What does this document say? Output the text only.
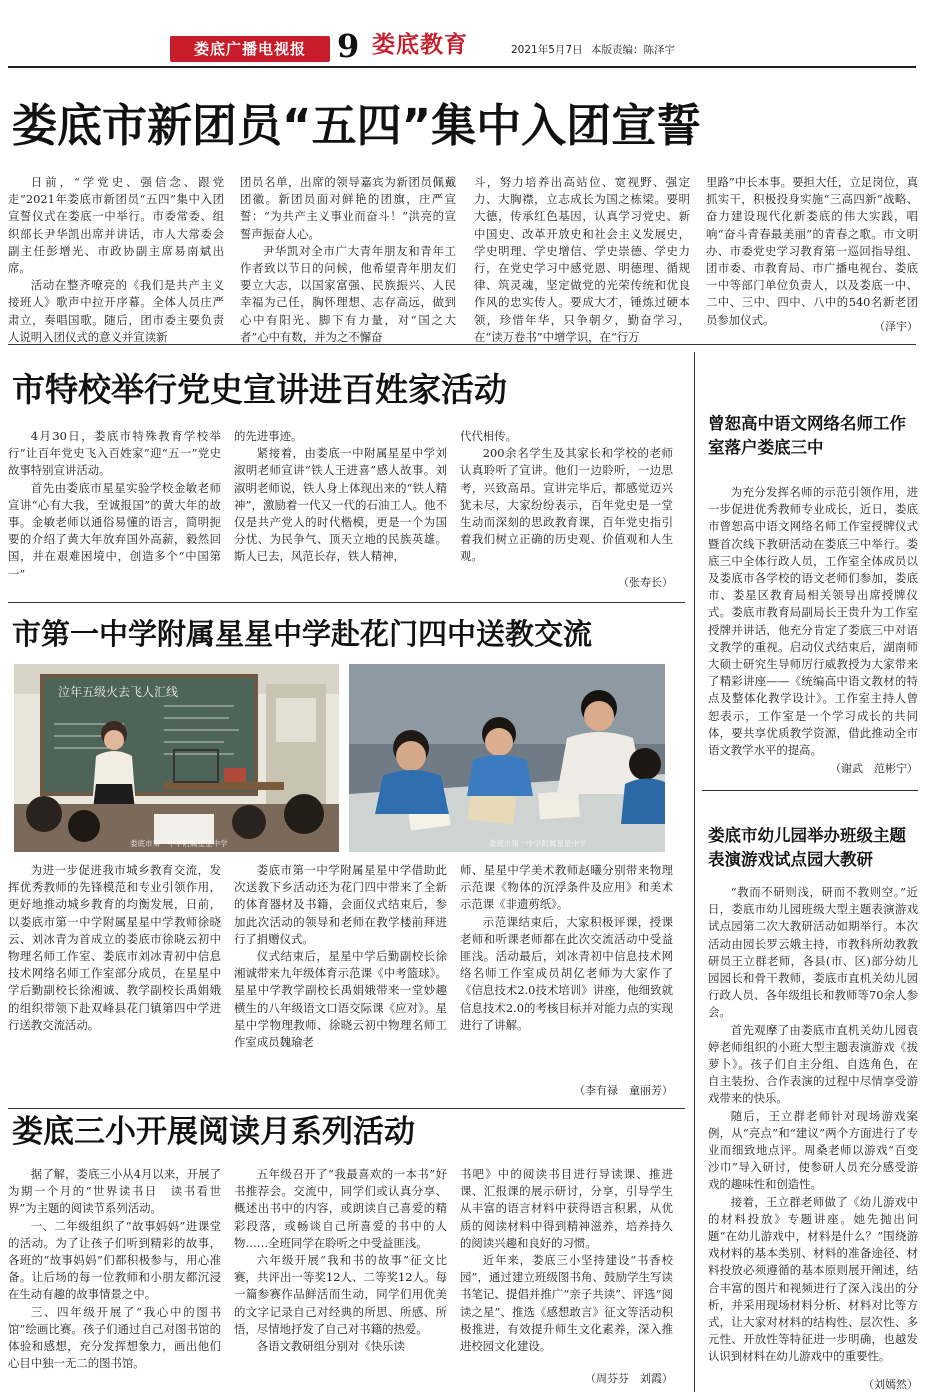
娄底广播电视报 9 娄底教育	2021年5月7日 本版责编：陈泽宇
娄底市新团员“五四”集中入团宣誓

日前，“学党史、强信念、跟党走”2021年娄底市新团员“五四”集中入团宣誓仪式在娄底一中举行。市委常委、组织部长尹华凯出席并讲话，市人大常委会副主任彭增光、市政协副主席易南斌出席。

活动在整齐嘹亮的《我们是共产主义接班人》歌声中拉开序幕。全体人员庄严肃立，奏唱国歌。随后，团市委主要负责人说明入团仪式的意义并宣读新

团员名单，出席的领导嘉宾为新团员佩戴团徽。新团员面对鲜艳的团旗，庄严宣誓：“为共产主义事业而奋斗！”洪亮的宣誓声振奋人心。

尹华凯对全市广大青年朋友和青年工作者致以节日的问候，他希望青年朋友们要立大志，以国家富强、民族振兴、人民幸福为己任，胸怀理想、志存高远，做到心中有阳光、脚下有力量，对“国之大者”心中有数，并为之不懈奋

斗，努力培养出高站位、宽视野、强定力、大胸襟，立志成长为国之栋梁。要明大德，传承红色基因，认真学习党史、新中国史、改革开放史和社会主义发展史，学史明理、学史增信、学史崇德、学史力行，在党史学习中感党恩、明德理、循规律、筑灵魂，坚定做党的光荣传统和优良作风的忠实传人。要成大才，锤炼过硬本领，珍惜年华，只争朝夕，勤奋学习，在“读万卷书”中增学识，在“行万

里路”中长本事。要担大任，立足岗位，真抓实干，积极投身实施“三高四新”战略、奋力建设现代化新娄底的伟大实践，唱响“奋斗青春最美丽”的青春之歌。市文明办、市委党史学习教育第一巡回指导组、团市委、市教育局、市广播电视台、娄底一中等部门单位负责人，以及娄底一中、二中、三中、四中、八中的540名新老团员参加仪式。	（泽宇）
市特校举行党史宣讲进百姓家活动

4月30日，娄底市特殊教育学校举行“让百年党史飞入百姓家”迎“五一”党史故事特别宣讲活动。

首先由娄底市星星实验学校金敏老师宣讲“心有大我，至诚报国”的黄大年的故事。金敏老师以通俗易懂的语言，简明扼要的介绍了黄大年放弃国外高薪，毅然回国，并在艰难困境中，创造多个“中国第一”

的先进事迹。

紧接着，由娄底一中附属星星中学刘淑明老师宣讲“铁人王进喜”感人故事。刘淑明老师说，铁人身上体现出来的“铁人精神”，激励着一代又一代的石油工人。他不仅是共产党人的时代楷模，更是一个为国分忧、为民争气、顶天立地的民族英雄。斯人已去，风范长存，铁人精神，

代代相传。

200余名学生及其家长和学校的老师认真聆听了宣讲。他们一边聆听，一边思考，兴致高昂。宣讲完毕后，都感觉迈兴犹未尽，大家纷纷表示，百年党史是一堂生动而深刻的思政教育课，百年党史指引着我们树立正确的历史观、价值观和人生观。

（张寿长）
市第一中学附属星星中学赴花门四中送教交流
泣年五级火去飞人汇线
娄底市第一中学附属星星中学	娄底市第一中学附属星星中学

为进一步促进我市城乡教育交流，发挥优秀教师的先锋模范和专业引领作用，更好地推动城乡教育的均衡发展，日前，以娄底市第一中学附属星星中学教师徐晓云、刘冰青为首成立的娄底市徐晓云初中物理名师工作室、娄底市刘冰青初中信息技术网络名师工作室部分成员，在星星中学后勤副校长徐湘诚、教学副校长禹娟娥的组织带领下赴双峰县花门镇第四中学进行送教交流活动。

娄底市第一中学附属星星中学借助此次送教下乡活动还为花门四中带来了全新的体育器材及书籍，会面仪式结束后，参加此次活动的领导和老师在教学楼前拜进行了捐赠仪式。

仪式结束后，星星中学后勤副校长徐湘诚带来九年级体育示范课《中考篮球》。星星中学教学副校长禹娟娥带来一堂妙趣横生的八年级语文口语交际课《应对》。星星中学物理教师、徐晓云初中物理名师工作室成员魏瑜老

师、星星中学美术教师赵曦分别带来物理示范课《物体的沉浮条件及应用》和美术示范课《非遗剪纸》。

示范课结束后，大家积极评课，授课老师和听课老师都在此次交流活动中受益匪浅。活动最后，刘冰青初中信息技术网络名师工作室成员胡亿老师为大家作了《信息技术2.0技术培训》讲座，他细致就信息技术2.0的考核目标并对能力点的实现进行了讲解。

（李有禄　童丽芳）
娄底三小开展阅读月系列活动

据了解，娄底三小从4月以来，开展了为期一个月的“世界读书日　读书看世界”为主题的阅读节系列活动。

一、二年级组织了“故事妈妈”进课堂的活动。为了让孩子们听到精彩的故事，各班的“故事妈妈”们都积极参与，用心准备。让后场的每一位教师和小朋友都沉浸在生动有趣的故事情景之中。

三、四年级开展了“我心中的图书馆”绘画比赛。孩子们通过自己对图书馆的体验和感想，充分发挥想象力，画出他们心目中独一无二的图书馆。

五年级召开了“我最喜欢的一本书”好书推荐会。交流中，同学们或认真分享、概述出书中的内容，或朗读自己喜爱的精彩段落，或畅谈自己所喜爱的书中的人物……全班同学在聆听之中受益匪浅。

六年级开展“我和书的故事”征文比赛，共评出一等奖12人、二等奖12人。每一篇参赛作品鲜活而生动，同学们用优美的文字记录自己对经典的所思、所感、所悟，尽情地抒发了自己对书籍的热爱。

各语文教研组分别对《快乐读

书吧》中的阅读书目进行导读课、推进课、汇报课的展示研讨，分享，引导学生从丰富的语言材料中获得语言积累，从优质的阅读材料中得到精神滋养，培养持久的阅读兴趣和良好的习惯。

近年来，娄底三小坚持建设“书香校园”，通过建立班级图书角、鼓励学生写读书笔记、提倡并推广“亲子共读”、评选“阅读之星”、推选《感想敢言》征文等活动积极推进，有效提升师生文化素养，深入推进校园文化建设。

（周芬芬　刘霞）
曾恕高中语文网络名师工作室落户娄底三中

为充分发挥名师的示范引领作用，进一步促进优秀教师专业成长，近日，娄底市曾恕高中语文网络名师工作室授牌仪式暨首次线下教研活动在娄底三中举行。娄底三中全体行政人员，工作室全体成员以及娄底市各学校的语文老师们参加，娄底市、娄星区教育局相关领导出席授牌仪式。娄底市教育局副局长王贵升为工作室授牌并讲话，他充分肯定了娄底三中对语文教学的重视。启动仪式结束后，湖南师大硕士研究生导师厉行威教授为大家带来了精彩讲座——《统编高中语文教材的特点及整体化教学设计》。工作室主持人曾恕表示，工作室是一个学习成长的共同体，要共享优质教学资源，借此推动全市语文教学水平的提高。

（谢武　范彬宁）
娄底市幼儿园举办班级主题表演游戏试点园大教研

“教而不研则浅，研而不教则空。”近日，娄底市幼儿园班级大型主题表演游戏试点园第二次大教研活动如期举行。本次活动由园长罗云娥主持，市教科所幼教教研员王立群老师，各县(市、区)部分幼儿园园长和骨干教师，娄底市直机关幼儿园行政人员、各年级组长和教师等70余人参会。

首先观摩了由娄底市直机关幼儿园袁婷老师组织的小班大型主题表演游戏《拔萝卜》。孩子们自主分组、自选角色，在自主装扮、合作表演的过程中尽情享受游戏带来的快乐。

随后，王立群老师针对现场游戏案例，从“亮点”和“建议”两个方面进行了专业而细致地点评。周桑老师以游戏“百变沙巾”导入研讨，使参研人员充分感受游戏的趣味性和创造性。

接着，王立群老师做了《幼儿游戏中的材料投放》专题讲座。她先抛出问题“在幼儿游戏中，材料是什么？”围绕游戏材料的基本类别、材料的准备途径、材料投放必须遵循的基本原则展开阐述，结合丰富的图片和视频进行了深入浅出的分析，并采用现场材料分析、材料对比等方式，让大家对材料的结构性、层次性、多元性、开放性等特征进一步明确，也越发认识到材料在幼儿游戏中的重要性。

（刘嫣然）
